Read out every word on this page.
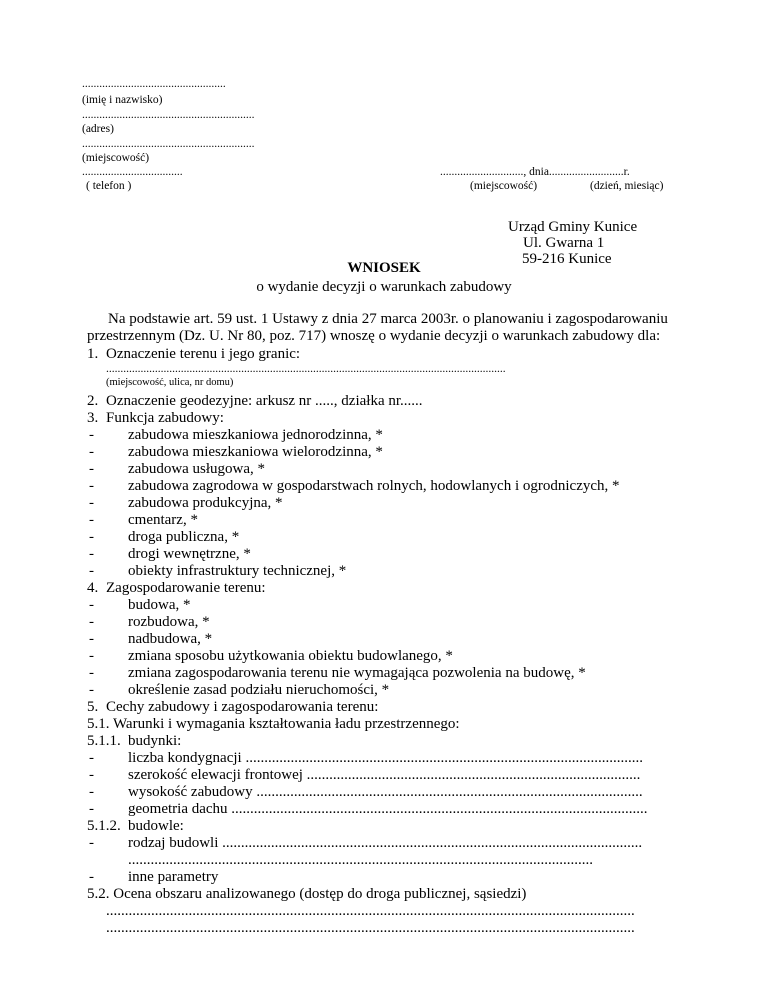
..................................................
(imię i nazwisko)
............................................................
(adres)
............................................................
(miejscowość)
...................................
( telefon )
............................., dnia..........................r.
(miejscowość)	(dzień, miesiąc)
Urząd Gminy Kunice
Ul. Gwarna 1
59-216 Kunice
WNIOSEK
o wydanie decyzji o warunkach zabudowy
Na podstawie art. 59 ust. 1 Ustawy z dnia 27 marca 2003r. o planowaniu i zagospodarowaniu
przestrzennym (Dz. U. Nr 80, poz. 717) wnoszę o wydanie decyzji o warunkach zabudowy dla:
1. Oznaczenie terenu i jego granic:
...........................................................................................................................................
(miejscowość, ulica, nr domu)
2. Oznaczenie geodezyjne: arkusz nr ....., działka nr......
3. Funkcja zabudowy:
- zabudowa mieszkaniowa jednorodzinna, *
- zabudowa mieszkaniowa wielorodzinna, *
- zabudowa usługowa, *
- zabudowa zagrodowa w gospodarstwach rolnych, hodowlanych i ogrodniczych, *
- zabudowa produkcyjna, *
- cmentarz, *
- droga publiczna, *
- drogi wewnętrzne, *
- obiekty infrastruktury technicznej, *
4. Zagospodarowanie terenu:
- budowa, *
- rozbudowa, *
- nadbudowa, *
- zmiana sposobu użytkowania obiektu budowlanego, *
- zmiana zagospodarowania terenu nie wymagająca pozwolenia na budowę, *
- określenie zasad podziału nieruchomości, *
5. Cechy zabudowy i zagospodarowania terenu:
5.1. Warunki i wymagania kształtowania ładu przestrzennego:
5.1.1. budynki:
- liczba kondygnacji ..........................................................................................................
- szerokość elewacji frontowej .........................................................................................
- wysokość zabudowy .......................................................................................................
- geometria dachu ...............................................................................................................
5.1.2. budowle:
- rodzaj budowli ................................................................................................................
............................................................................................................................
- inne parametry
5.2. Ocena obszaru analizowanego (dostęp do droga publicznej, sąsiedzi)
.............................................................................................................................................
.............................................................................................................................................
